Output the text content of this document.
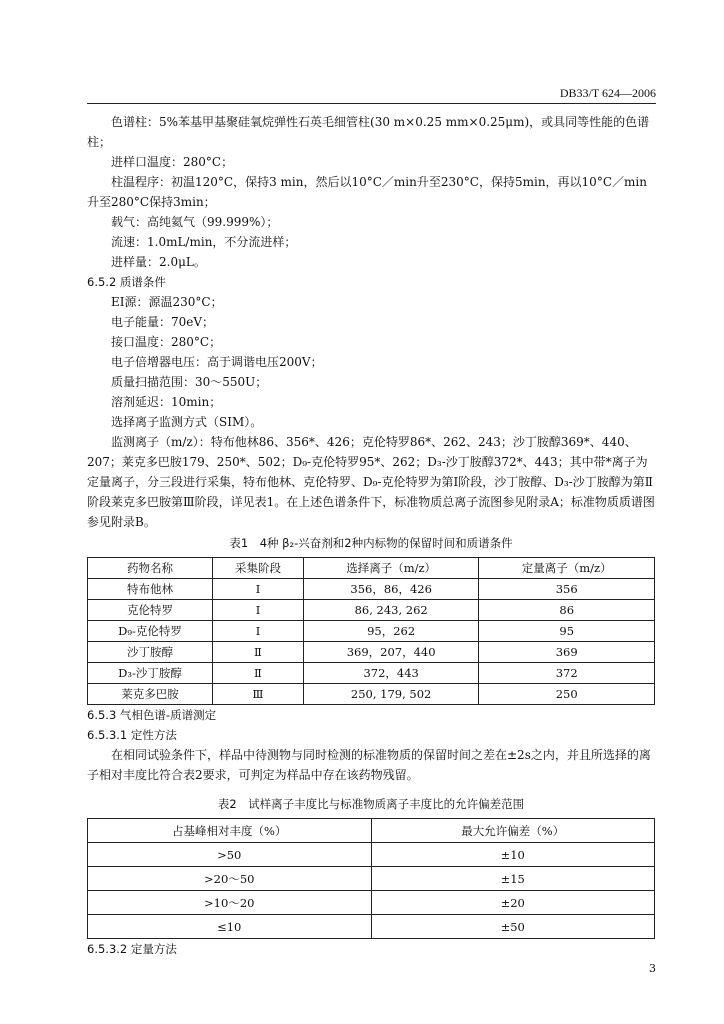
DB33/T 624—2006

色谱柱：5%苯基甲基聚硅氧烷弹性石英毛细管柱(30 m×0.25 mm×0.25μm)，或具同等性能的色谱柱；

进样口温度：280°C；

柱温程序：初温120°C，保持3 min，然后以10°C／min升至230°C，保持5min，再以10°C／min升至280°C保持3min；

载气：高纯氦气（99.999%）；

流速：1.0mL/min，不分流进样；

进样量：2.0μL。

6.5.2 质谱条件

EI源：源温230°C；

电子能量：70eV；

接口温度：280°C；

电子倍增器电压：高于调谐电压200V；

质量扫描范围：30～550U；

溶剂延迟：10min；

选择离子监测方式（SIM）。

监测离子（m/z）：特布他林86、356*、426；克伦特罗86*、262、243；沙丁胺醇369*、440、207；莱克多巴胺179、250*、502；D₉-克伦特罗95*、262；D₃-沙丁胺醇372*、443；其中带*离子为定量离子，分三段进行采集，特布他林、克伦特罗、D₉-克伦特罗为第Ⅰ阶段，沙丁胺醇、D₃-沙丁胺醇为第Ⅱ阶段莱克多巴胺第Ⅲ阶段，详见表1。在上述色谱条件下，标准物质总离子流图参见附录A；标准物质质谱图参见附录B。

表1　4种 β₂-兴奋剂和2种内标物的保留时间和质谱条件

药物名称	采集阶段	选择离子（m/z）	定量离子（m/z）
特布他林	Ⅰ	356，86，426	356
克伦特罗	Ⅰ	86, 243, 262	86
D₉-克伦特罗	Ⅰ	95，262	95
沙丁胺醇	Ⅱ	369，207，440	369
D₃-沙丁胺醇	Ⅱ	372，443	372
莱克多巴胺	Ⅲ	250, 179, 502	250

6.5.3 气相色谱-质谱测定

6.5.3.1 定性方法

在相同试验条件下，样品中待测物与同时检测的标准物质的保留时间之差在±2s之内，并且所选择的离子相对丰度比符合表2要求，可判定为样品中存在该药物残留。

表2　试样离子丰度比与标准物质离子丰度比的允许偏差范围

占基峰相对丰度（%）	最大允许偏差（%）
>50	±10
>20～50	±15
>10～20	±20
≤10	±50

6.5.3.2 定量方法

3
